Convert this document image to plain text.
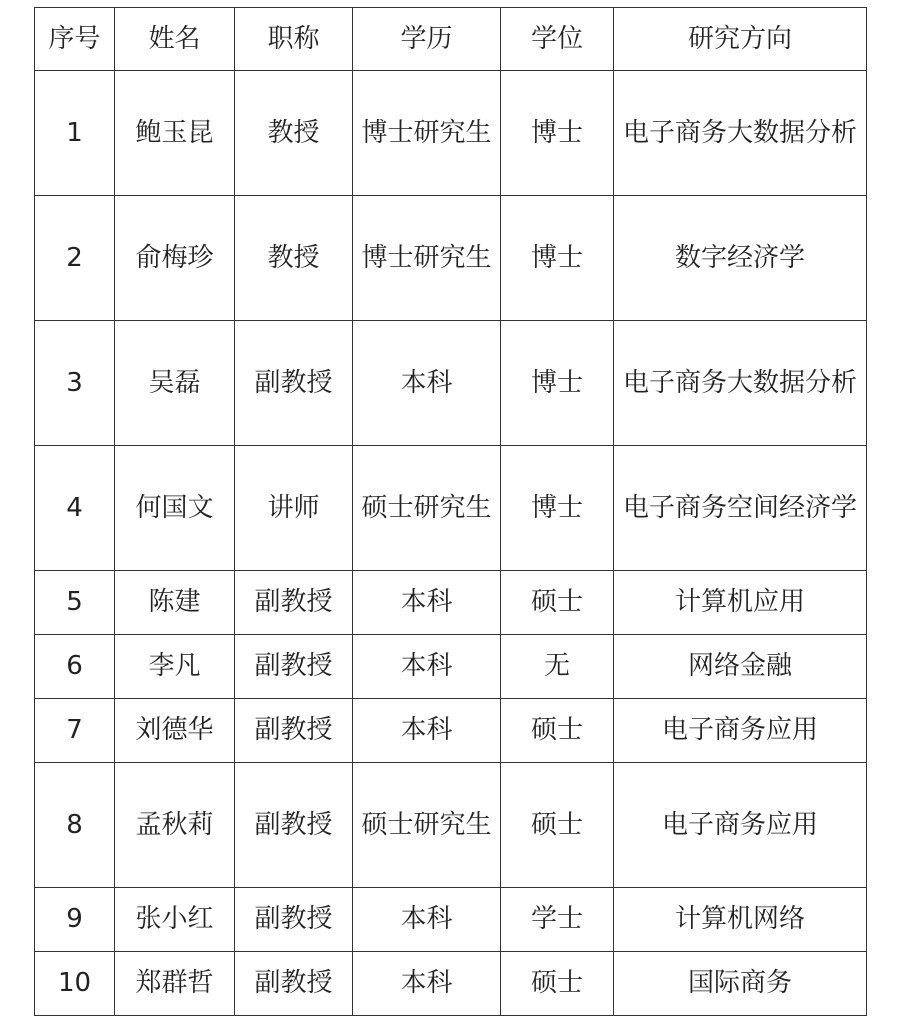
序号	姓名	职称	学历	学位	研究方向
1	鲍玉昆	教授	博士研究生	博士	电子商务大数据分析
2	俞梅珍	教授	博士研究生	博士	数字经济学
3	吴磊	副教授	本科	博士	电子商务大数据分析
4	何国文	讲师	硕士研究生	博士	电子商务空间经济学
5	陈建	副教授	本科	硕士	计算机应用
6	李凡	副教授	本科	无	网络金融
7	刘德华	副教授	本科	硕士	电子商务应用
8	孟秋莉	副教授	硕士研究生	硕士	电子商务应用
9	张小红	副教授	本科	学士	计算机网络
10	郑群哲	副教授	本科	硕士	国际商务
